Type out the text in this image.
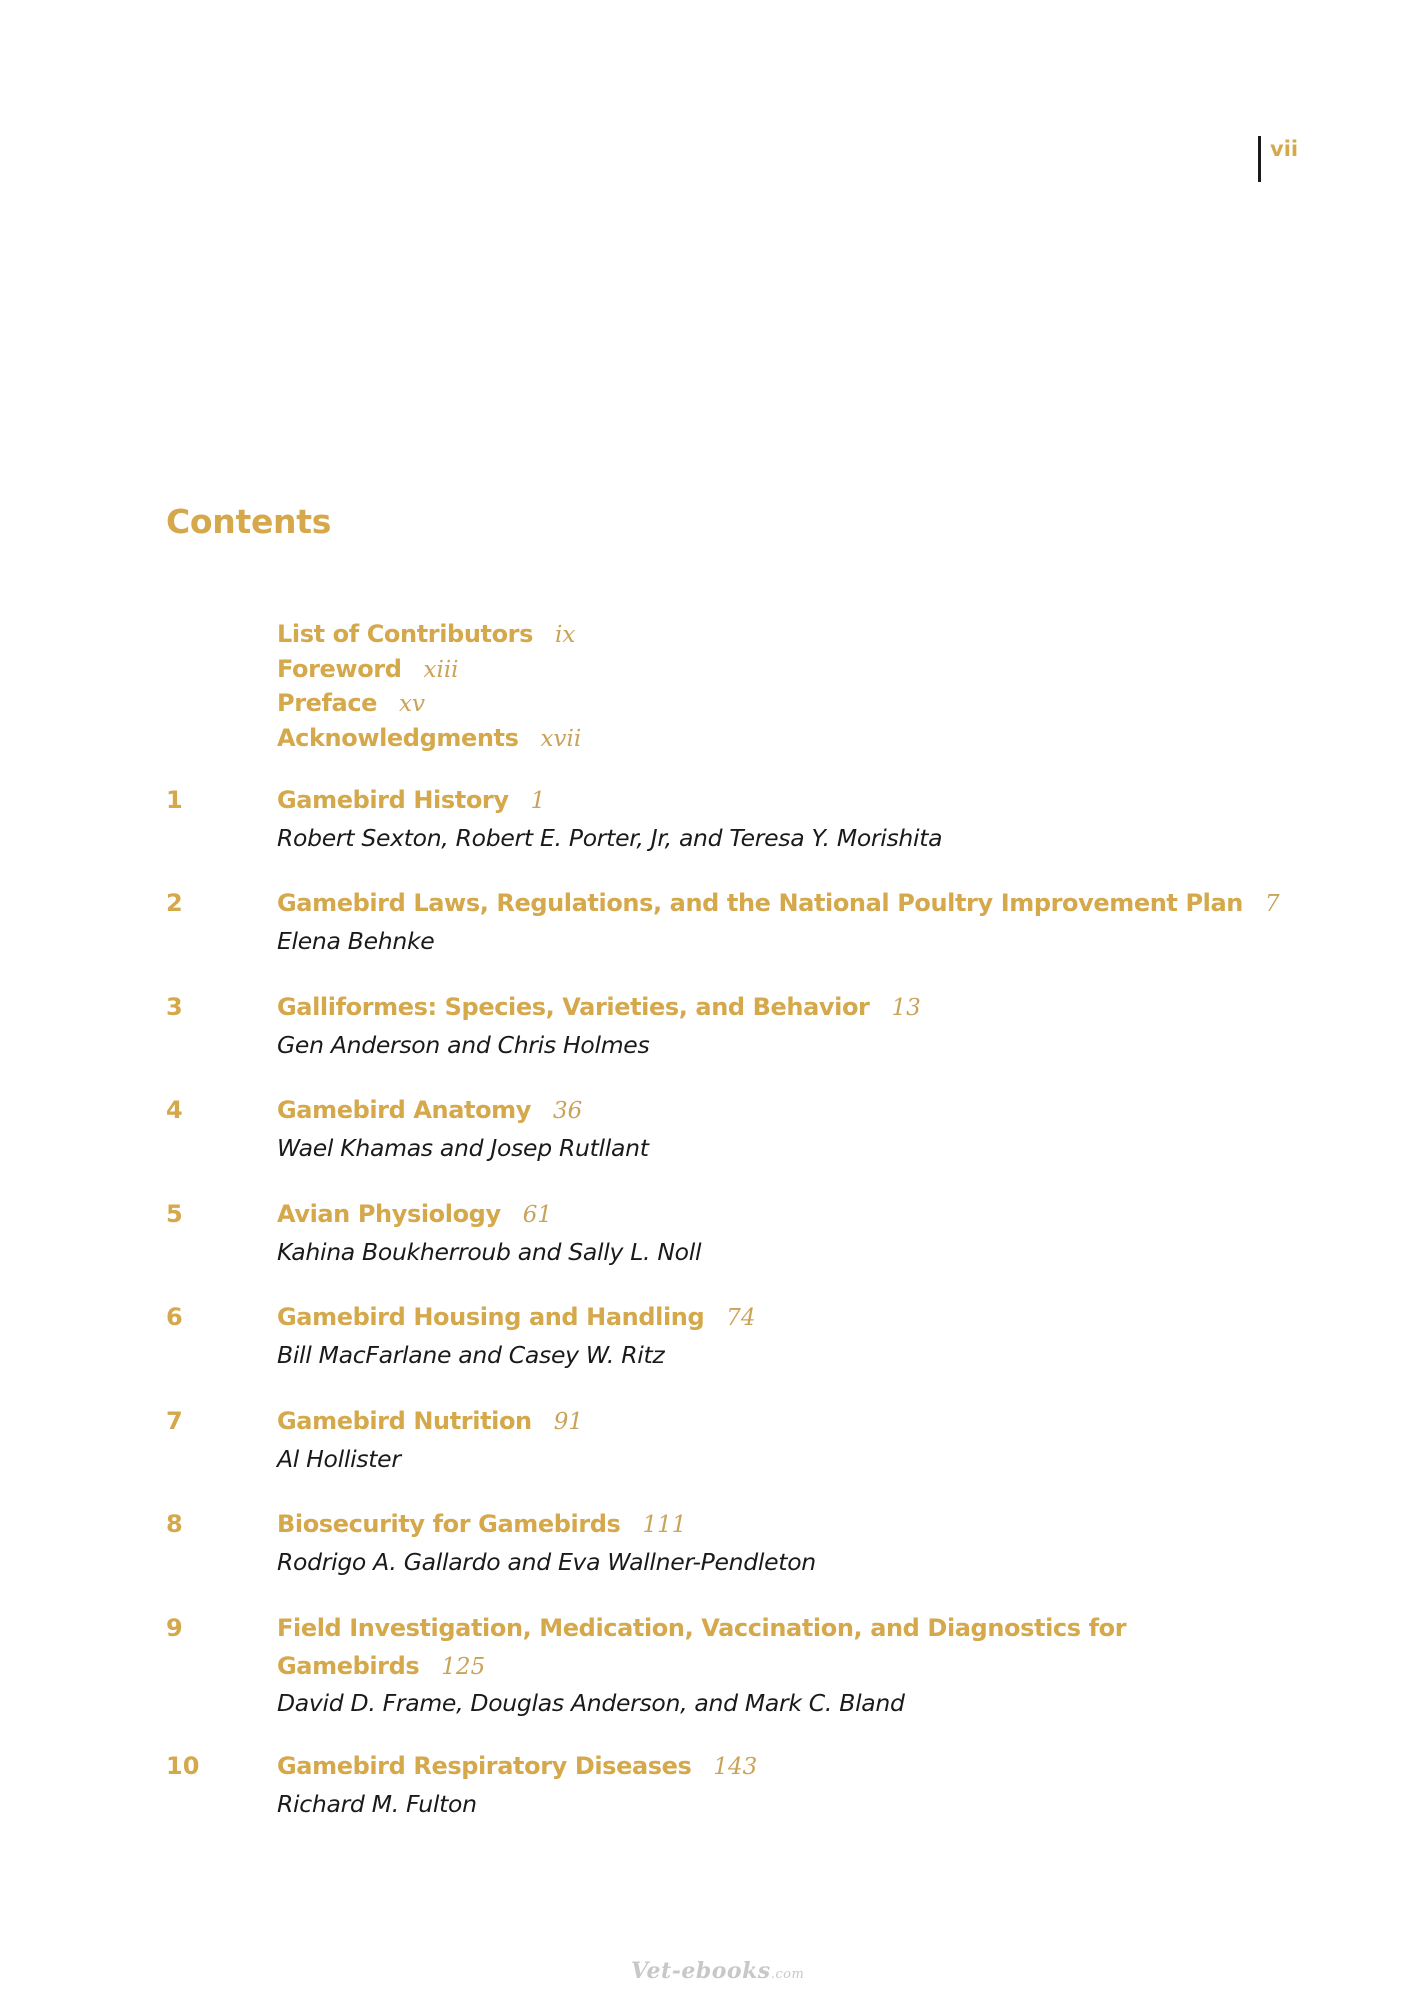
vii
Contents
List of Contributors ix
Foreword xiii
Preface xv
Acknowledgments xvii
1	Gamebird History 1
Robert Sexton, Robert E. Porter, Jr, and Teresa Y. Morishita
2	Gamebird Laws, Regulations, and the National Poultry Improvement Plan 7
Elena Behnke
3	Galliformes: Species, Varieties, and Behavior 13
Gen Anderson and Chris Holmes
4	Gamebird Anatomy 36
Wael Khamas and Josep Rutllant
5	Avian Physiology 61
Kahina Boukherroub and Sally L. Noll
6	Gamebird Housing and Handling 74
Bill MacFarlane and Casey W. Ritz
7	Gamebird Nutrition 91
Al Hollister
8	Biosecurity for Gamebirds 111
Rodrigo A. Gallardo and Eva Wallner-Pendleton
9	Field Investigation, Medication, Vaccination, and Diagnostics for
Gamebirds 125
David D. Frame, Douglas Anderson, and Mark C. Bland
10	Gamebird Respiratory Diseases 143
Richard M. Fulton
Vet-ebooks.com
